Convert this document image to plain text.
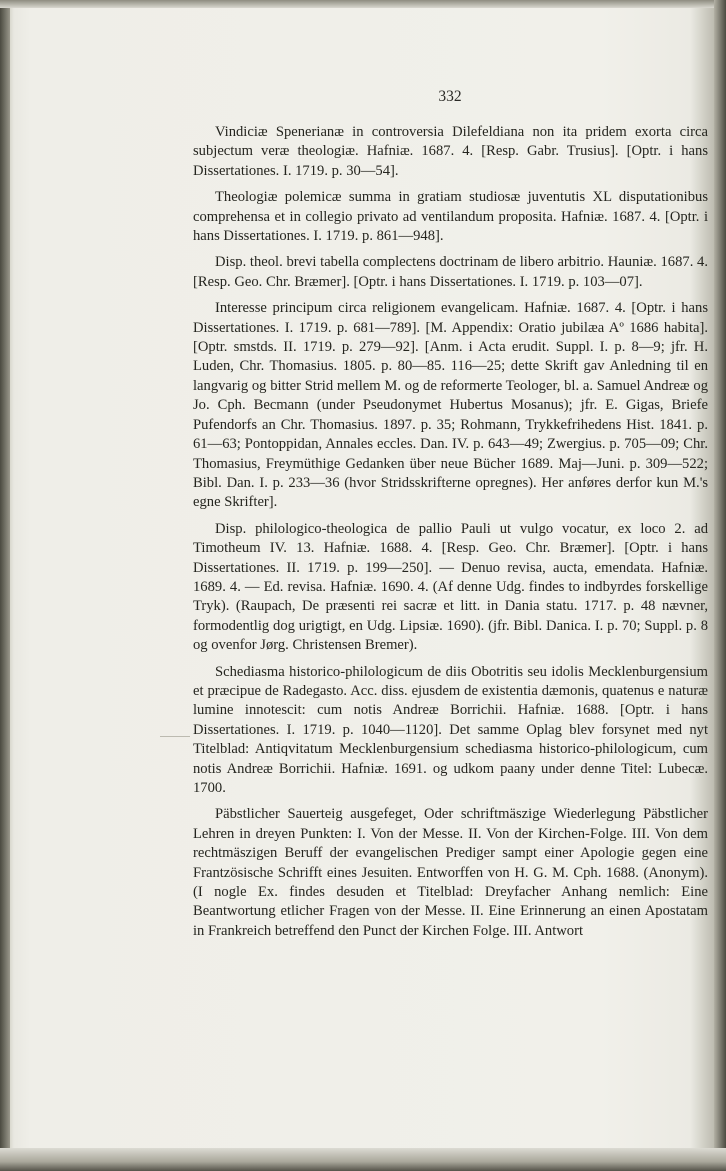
332

Vindiciæ Spenerianæ in controversia Dilefeldiana non ita pridem exorta circa subjectum veræ theologiæ. Hafniæ. 1687. 4. [Resp. Gabr. Trusius]. [Optr. i hans Dissertationes. I. 1719. p. 30—54].

Theologiæ polemicæ summa in gratiam studiosæ juventutis XL disputationibus comprehensa et in collegio privato ad ventilandum proposita. Hafniæ. 1687. 4. [Optr. i hans Dissertationes. I. 1719. p. 861—948].

Disp. theol. brevi tabella complectens doctrinam de libero arbitrio. Hauniæ. 1687. 4. [Resp. Geo. Chr. Bræmer]. [Optr. i hans Dissertationes. I. 1719. p. 103—07].

Interesse principum circa religionem evangelicam. Hafniæ. 1687. 4. [Optr. i hans Dissertationes. I. 1719. p. 681—789]. [M. Appendix: Oratio jubilæa Aº 1686 habita]. [Optr. smstds. II. 1719. p. 279—92]. [Anm. i Acta erudit. Suppl. I. p. 8—9; jfr. H. Luden, Chr. Thomasius. 1805. p. 80—85. 116—25; dette Skrift gav Anledning til en langvarig og bitter Strid mellem M. og de reformerte Teologer, bl. a. Samuel Andreæ og Jo. Cph. Becmann (under Pseudonymet Hubertus Mosanus); jfr. E. Gigas, Briefe Pufendorfs an Chr. Thomasius. 1897. p. 35; Rohmann, Trykkefrihedens Hist. 1841. p. 61—63; Pontoppidan, Annales eccles. Dan. IV. p. 643—49; Zwergius. p. 705—09; Chr. Thomasius, Freymüthige Gedanken über neue Bücher 1689. Maj—Juni. p. 309—522; Bibl. Dan. I. p. 233—36 (hvor Stridsskrifterne opregnes). Her anføres derfor kun M.'s egne Skrifter].

Disp. philologico-theologica de pallio Pauli ut vulgo vocatur, ex loco 2. ad Timotheum IV. 13. Hafniæ. 1688. 4. [Resp. Geo. Chr. Bræmer]. [Optr. i hans Dissertationes. II. 1719. p. 199—250]. — Denuo revisa, aucta, emendata. Hafniæ. 1689. 4. — Ed. revisa. Hafniæ. 1690. 4. (Af denne Udg. findes to indbyrdes forskellige Tryk). (Raupach, De præsenti rei sacræ et litt. in Dania statu. 1717. p. 48 nævner, formodentlig dog urigtigt, en Udg. Lipsiæ. 1690). (jfr. Bibl. Danica. I. p. 70; Suppl. p. 8 og ovenfor Jørg. Christensen Bremer).

Schediasma historico-philologicum de diis Obotritis seu idolis Mecklenburgensium et præcipue de Radegasto. Acc. diss. ejusdem de existentia dæmonis, quatenus e naturæ lumine innotescit: cum notis Andreæ Borrichii. Hafniæ. 1688. [Optr. i hans Dissertationes. I. 1719. p. 1040—1120]. Det samme Oplag blev forsynet med nyt Titelblad: Antiqvitatum Mecklenburgensium schediasma historico-philologicum, cum notis Andreæ Borrichii. Hafniæ. 1691. og udkom paany under denne Titel: Lubecæ. 1700.

Päbstlicher Sauerteig ausgefeget, Oder schriftmäszige Wiederlegung Päbstlicher Lehren in dreyen Punkten: I. Von der Messe. II. Von der Kirchen-Folge. III. Von dem rechtmäszigen Beruff der evangelischen Prediger sampt einer Apologie gegen eine Frantzösische Schrifft eines Jesuiten. Entworffen von H. G. M. Cph. 1688. (Anonym). (I nogle Ex. findes desuden et Titelblad: Dreyfacher Anhang nemlich: Eine Beantwortung etlicher Fragen von der Messe. II. Eine Erinnerung an einen Apostatam in Frankreich betreffend den Punct der Kirchen Folge. III. Antwort
